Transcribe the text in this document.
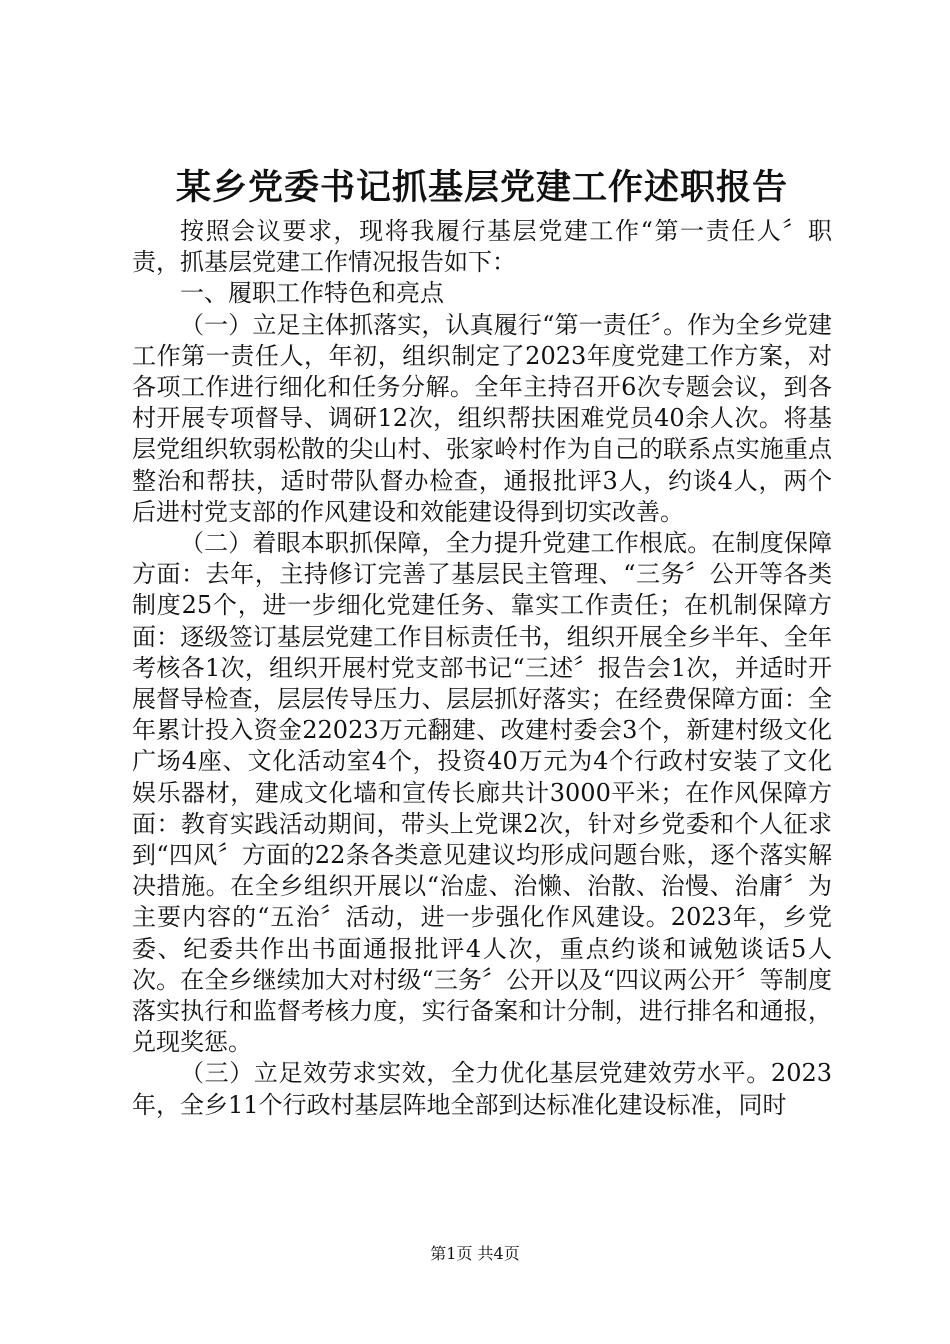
某乡党委书记抓基层党建工作述职报告

按照会议要求，现将我履行基层党建工作“第一责任人〞职责，抓基层党建工作情况报告如下：

一、履职工作特色和亮点

（一）立足主体抓落实，认真履行“第一责任〞。作为全乡党建工作第一责任人，年初，组织制定了2023年度党建工作方案，对各项工作进行细化和任务分解。全年主持召开6次专题会议，到各村开展专项督导、调研12次，组织帮扶困难党员40余人次。将基层党组织软弱松散的尖山村、张家岭村作为自己的联系点实施重点整治和帮扶，适时带队督办检查，通报批评3人，约谈4人，两个后进村党支部的作风建设和效能建设得到切实改善。

（二）着眼本职抓保障，全力提升党建工作根底。在制度保障方面：去年，主持修订完善了基层民主管理、“三务〞公开等各类制度25个，进一步细化党建任务、靠实工作责任；在机制保障方面：逐级签订基层党建工作目标责任书，组织开展全乡半年、全年考核各1次，组织开展村党支部书记“三述〞报告会1次，并适时开展督导检查，层层传导压力、层层抓好落实；在经费保障方面：全年累计投入资金22023万元翻建、改建村委会3个，新建村级文化广场4座、文化活动室4个，投资40万元为4个行政村安装了文化娱乐器材，建成文化墙和宣传长廊共计3000平米；在作风保障方面：教育实践活动期间，带头上党课2次，针对乡党委和个人征求到“四风〞方面的22条各类意见建议均形成问题台账，逐个落实解决措施。在全乡组织开展以“治虚、治懒、治散、治慢、治庸〞为主要内容的“五治〞活动，进一步强化作风建设。2023年，乡党委、纪委共作出书面通报批评4人次，重点约谈和诫勉谈话5人次。在全乡继续加大对村级“三务〞公开以及“四议两公开〞等制度落实执行和监督考核力度，实行备案和计分制，进行排名和通报，兑现奖惩。

（三）立足效劳求实效，全力优化基层党建效劳水平。2023年，全乡11个行政村基层阵地全部到达标准化建设标准，同时

第1页 共4页
